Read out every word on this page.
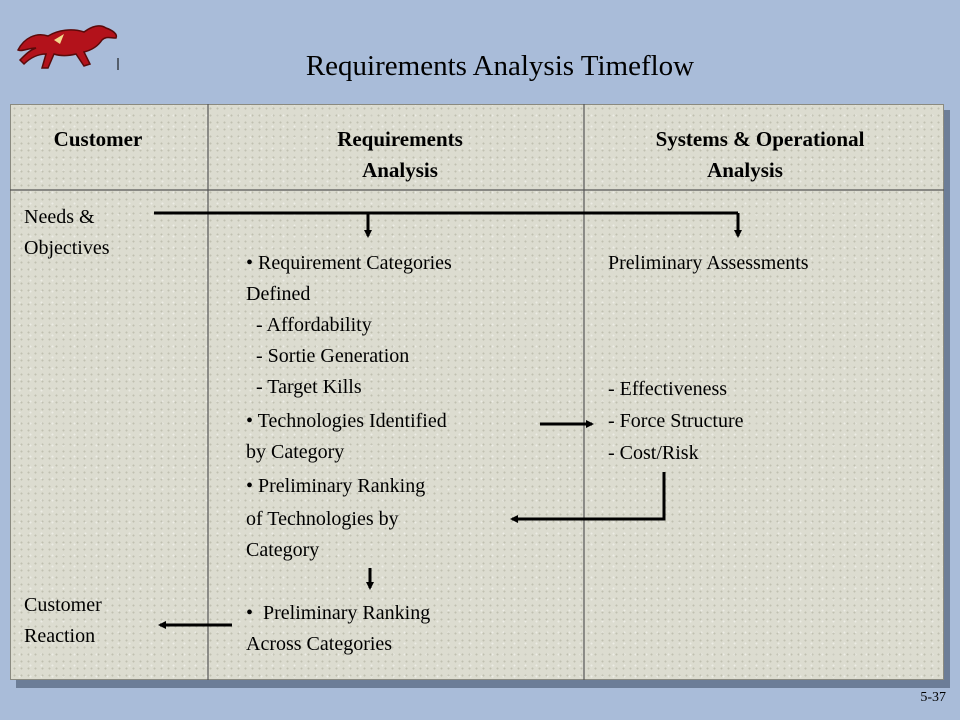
Requirements Analysis Timeflow
Customer	Requirements
Analysis
Systems & Operational
Analysis
Needs &
Objectives
Customer
Reaction
• Requirement Categories
Defined
- Affordability
- Sortie Generation
- Target Kills
• Technologies Identified
by Category
• Preliminary Ranking
of Technologies by
Category
•  Preliminary Ranking
Across Categories
Preliminary Assessments
- Effectiveness
- Force Structure
- Cost/Risk
5-37
